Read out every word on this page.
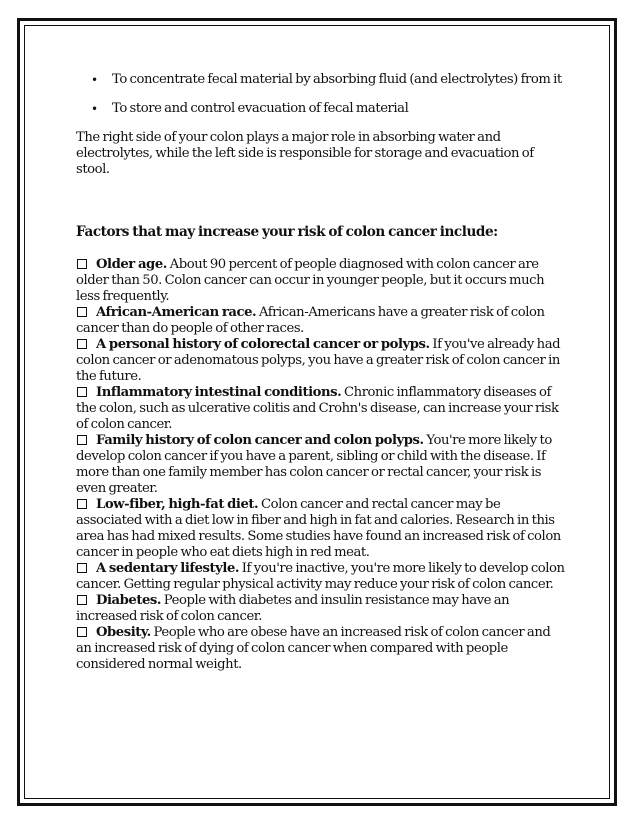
• To concentrate fecal material by absorbing fluid (and electrolytes) from it
• To store and control evacuation of fecal material

The right side of your colon plays a major role in absorbing water and electrolytes, while the left side is responsible for storage and evacuation of stool.

Factors that may increase your risk of colon cancer include:

Older age. About 90 percent of people diagnosed with colon cancer are older than 50. Colon cancer can occur in younger people, but it occurs much less frequently.

African-American race. African-Americans have a greater risk of colon cancer than do people of other races.

A personal history of colorectal cancer or polyps. If you've already had colon cancer or adenomatous polyps, you have a greater risk of colon cancer in the future.

Inflammatory intestinal conditions. Chronic inflammatory diseases of the colon, such as ulcerative colitis and Crohn's disease, can increase your risk of colon cancer.

Family history of colon cancer and colon polyps. You're more likely to develop colon cancer if you have a parent, sibling or child with the disease. If more than one family member has colon cancer or rectal cancer, your risk is even greater.

Low-fiber, high-fat diet. Colon cancer and rectal cancer may be associated with a diet low in fiber and high in fat and calories. Research in this area has had mixed results. Some studies have found an increased risk of colon cancer in people who eat diets high in red meat.

A sedentary lifestyle. If you're inactive, you're more likely to develop colon cancer. Getting regular physical activity may reduce your risk of colon cancer.

Diabetes. People with diabetes and insulin resistance may have an increased risk of colon cancer.

Obesity. People who are obese have an increased risk of colon cancer and an increased risk of dying of colon cancer when compared with people considered normal weight.
